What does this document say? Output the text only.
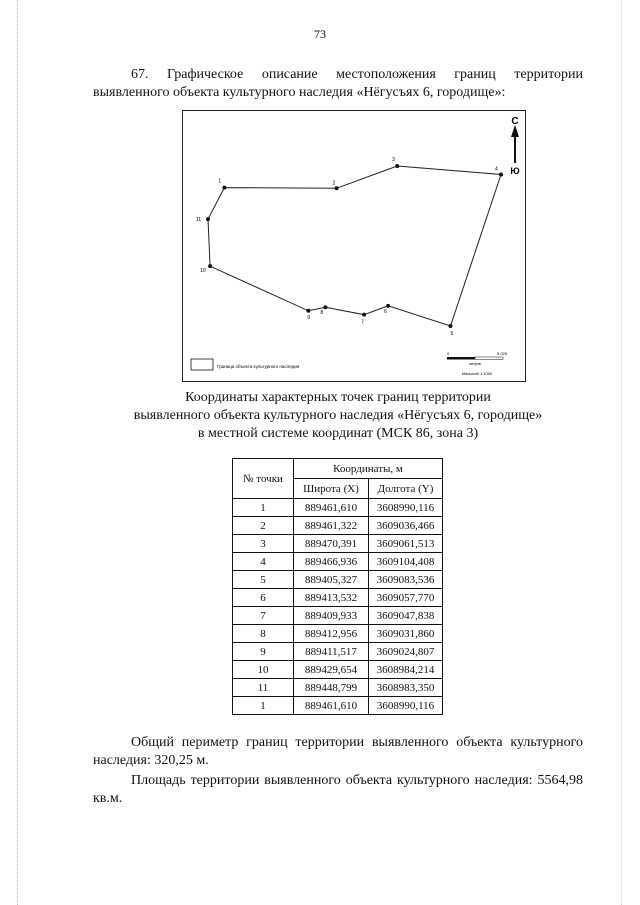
73
67. Графическое описание местоположения границ территории выявленного объекта культурного наследия «Нёгусъях 6, городище»:
1	2
3
4
5
6
7
8
9
10
11
С
Ю
Граница объекта культурного наследия
0	5 025
метров
Масштаб 1:1000
Координаты характерных точек границ территории
выявленного объекта культурного наследия «Нёгусъях 6, городище»
в местной системе координат (МСК 86, зона 3)
№ точки	Координаты, м	
	Широта (X)	Долгота (Y)
1	889461,610	3608990,116
2	889461,322	3609036,466
3	889470,391	3609061,513
4	889466,936	3609104,408
5	889405,327	3609083,536
6	889413,532	3609057,770
7	889409,933	3609047,838
8	889412,956	3609031,860
9	889411,517	3609024,807
10	889429,654	3608984,214
11	889448,799	3608983,350
1	889461,610	3608990,116
Общий периметр границ территории выявленного объекта культурного наследия: 320,25 м.
Площадь территории выявленного объекта культурного наследия: 5564,98 кв.м.
